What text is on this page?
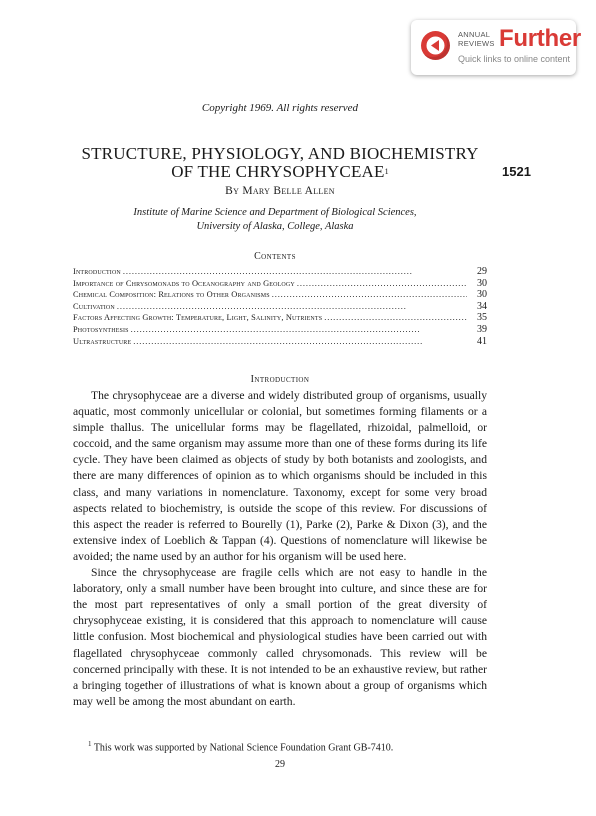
ANNUAL
REVIEWS Further
Quick links to online content
Copyright 1969. All rights reserved
STRUCTURE, PHYSIOLOGY, AND BIOCHEMISTRY
OF THE CHRYSOPHYCEAE$^1$	1521
By Mary Belle Allen
Institute of Marine Science and Department of Biological Sciences,
University of Alaska, College, Alaska
Contents
Introduction . . .	29
Importance of Chrysomonads to Oceanography and Geology . . .	30
Chemical Composition: Relations to Other Organisms . . .	30
Cultivation . . .	34
Factors Affecting Growth: Temperature, Light, Salinity, Nutrients . . .	35
Photosynthesis . . .	39
Ultrastructure . . .	41
Introduction

The chrysophyceae are a diverse and widely distributed group of organisms, usually aquatic, most commonly unicellular or colonial, but sometimes forming filaments or a simple thallus. The unicellular forms may be flagellated, rhizoidal, palmelloid, or coccoid, and the same organism may assume more than one of these forms during its life cycle. They have been claimed as objects of study by both botanists and zoologists, and there are many differences of opinion as to which organisms should be included in this class, and many variations in nomenclature. Taxonomy, except for some very broad aspects related to biochemistry, is outside the scope of this review. For discussions of this aspect the reader is referred to Bourelly (1), Parke (2), Parke & Dixon (3), and the extensive index of Loeblich & Tappan (4). Questions of nomenclature will likewise be avoided; the name used by an author for his organism will be used here.

Since the chrysophycease are fragile cells which are not easy to handle in the laboratory, only a small number have been brought into culture, and since these are for the most part representatives of only a small portion of the great diversity of chrysophyceae existing, it is considered that this approach to nomenclature will cause little confusion. Most biochemical and physiological studies have been carried out with flagellated chrysophyceae commonly called chrysomonads. This review will be concerned principally with these. It is not intended to be an exhaustive review, but rather a bringing together of illustrations of what is known about a group of organisms which may well be among the most abundant on earth.

$^1$ This work was supported by National Science Foundation Grant GB-7410.
29
